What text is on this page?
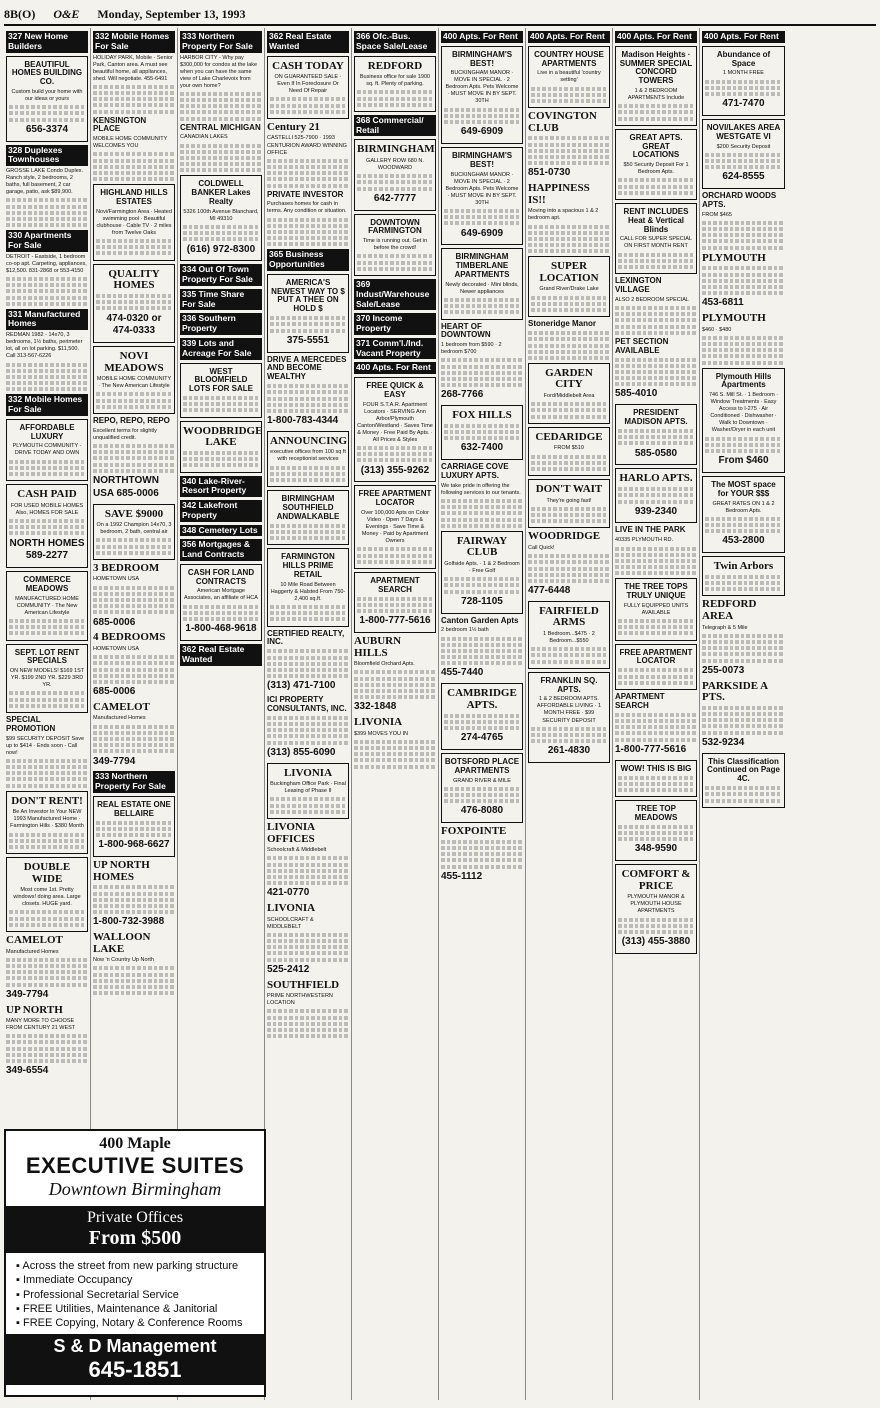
8B(O) O&E Monday, September 13, 1993
327 New Home Builders
BEAUTIFUL HOMES BUILDING CO.
Custom build your home with our ideas or yours
656-3374
328 Duplexes Townhouses
GROSSE LAKE Condo Duplex. Ranch style, 2 bedrooms, 2 baths, full basement, 2 car garage, patio, ask $89,900.
330 Apartments For Sale
DETROIT - Eastside, 1 bedroom co-op apt. Carpeting, appliances, $12,500. 831-2868 or 553-4150
331 Manufactured Homes
REDMAN 1982 - 14x70, 3 bedrooms, 1½ baths, perimeter lot, all on lot parking. $11,500. Call 313-567-6226
332 Mobile Homes For Sale
AFFORDABLE LUXURY
PLYMOUTH COMMUNITY - DRIVE TODAY AND OWN
CASH PAID
FOR USED MOBILE HOMES Also, HOMES FOR SALE
NORTH HOMES 589-2277
COMMERCE MEADOWS
MANUFACTURED HOME COMMUNITY · The New American Lifestyle
SEPT. LOT RENT SPECIALS
ON NEW MODELS! $169 1ST YR. $199 2ND YR. $229 3RD YR.
SPECIAL PROMOTION
$99 SECURITY DEPOSIT Save up to $414 · Ends soon - Call now!
DON'T RENT!
Be An Investor In Your NEW 1993 Manufactured Home · Farmington Hills · $380 Month
DOUBLE WIDE
Most come 1st. Pretty windows! doing area. Large closets. HUGE yard.
CAMELOT
Manufactured Homes
349-7794
UP NORTH
MANY MORE TO CHOOSE FROM CENTURY 21 WEST
349-6554
332 Mobile Homes For Sale
HOLIDAY PARK, Mobile - Senior Park, Canton area. A must see beautiful home, all appliances, shed. Will negotiate. 455-6491
KENSINGTON PLACE
MOBILE HOME COMMUNITY WELCOMES YOU
HIGHLAND HILLS ESTATES
Novi/Farmington Area · Heated swimming pool · Beautiful clubhouse · Cable TV · 2 miles from Twelve Oaks
QUALITY HOMES
474-0320 or 474-0333
NOVI MEADOWS
MOBILE HOME COMMUNITY · The New American Lifestyle
REPO, REPO, REPO
Excellent terms for slightly unqualified credit.
NORTHTOWN USA 685-0006
SAVE $9000
On a 1992 Champion 14x70, 3 bedroom, 2 bath, central air
3 BEDROOM
HOMETOWN USA
685-0006
4 BEDROOMS
HOMETOWN USA
685-0006
CAMELOT
Manufactured Homes
349-7794
333 Northern Property For Sale
REAL ESTATE ONE BELLAIRE
1-800-968-6627
UP NORTH HOMES
1-800-732-3988
WALLOON LAKE
Now 'n Country Up North
333 Northern Property For Sale
HARBOR CITY - Why pay $300,000 for condos at the lake when you can have the same view of Lake Charlevoix from your own home?
CENTRAL MICHIGAN
CANADIAN LAKES
COLDWELL BANKER Lakes Realty
5326 100th Avenue Blanchard, MI 49310
(616) 972-8300
334 Out Of Town Property For Sale
335 Time Share For Sale
336 Southern Property
339 Lots and Acreage For Sale
WEST BLOOMFIELD LOTS FOR SALE
WOODBRIDGE LAKE
340 Lake-River-Resort Property
342 Lakefront Property
348 Cemetery Lots
356 Mortgages & Land Contracts
CASH FOR LAND CONTRACTS
American Mortgage Associates, an affiliate of HCA
1-800-468-9618
362 Real Estate Wanted
362 Real Estate Wanted
CASH TODAY
ON GUARANTEED SALE · Even If In Foreclosure Or Need Of Repair
Century 21
CASTELLI 525-7900 · 1993 CENTURION AWARD WINNING OFFICE
PRIVATE INVESTOR
Purchases homes for cash in terms. Any condition or situation.
365 Business Opportunities
AMERICA'S NEWEST WAY TO $ PUT A THEE ON HOLD $
375-5551
DRIVE A MERCEDES AND BECOME WEALTHY
1-800-783-4344
ANNOUNCING
executive offices from 100 sq ft with receptionist services
BIRMINGHAM SOUTHFIELD ANDWALKABLE
FARMINGTON HILLS PRIME RETAIL
10 Mile Road Between Haggerty & Halsted From 750-2,400 sq.ft.
CERTIFIED REALTY, INC.
(313) 471-7100
ICI PROPERTY CONSULTANTS, INC.
(313) 855-6090
LIVONIA
Buckingham Office Park · Final Leasing of Phase II
LIVONIA OFFICES
Schoolcraft & Middlebelt
421-0770
LIVONIA
SCHOOLCRAFT & MIDDLEBELT
525-2412
SOUTHFIELD
PRIME NORTHWESTERN LOCATION
366 Ofc.-Bus. Space Sale/Lease
REDFORD
Business office for sale 1900 sq. ft. Plenty of parking.
368 Commercial/ Retail
BIRMINGHAM
GALLERY ROW 680 N. WOODWARD
642-7777
DOWNTOWN FARMINGTON
Time is running out. Get in before the crowd!
369 Indust/Warehouse Sale/Lease
370 Income Property
371 Comm'l./Ind. Vacant Property
400 Apts. For Rent
FREE QUICK & EASY
FOUR S.T.A.R. Apartment Locators · SERVING Ann Arbor/Plymouth Canton/Westland · Saves Time & Money · Free Paid By Apts. · All Prices & Styles
(313) 355-9262
FREE APARTMENT LOCATOR
Over 100,000 Apts on Color Video · Open 7 Days & Evenings · Save Time & Money · Paid by Apartment Owners
APARTMENT SEARCH
1-800-777-5616
AUBURN HILLS
Bloomfield Orchard Apts.
332-1848
LIVONIA
$399 MOVES YOU IN
400 Apts. For Rent
BIRMINGHAM'S BEST!
BUCKINGHAM MANOR · MOVE IN SPECIAL · 2 Bedroom Apts. Pets Welcome · MUST MOVE IN BY SEPT. 30TH
649-6909
BIRMINGHAM'S BEST!
BUCKINGHAM MANOR · MOVE IN SPECIAL · 2 Bedroom Apts. Pets Welcome · MUST MOVE IN BY SEPT. 30TH
649-6909
BIRMINGHAM TIMBERLANE APARTMENTS
Newly decorated · Mini blinds, Newer appliances
HEART OF DOWNTOWN
1 bedroom from $590 · 2 bedroom $700
268-7766
FOX HILLS
632-7400
CARRIAGE COVE LUXURY APTS.
We take pride in offering the following services to our tenants.
FAIRWAY CLUB
Golfside Apts. · 1 & 2 Bedroom · Free Golf
728-1105
Canton Garden Apts
2 bedroom 1½ bath
455-7440
CAMBRIDGE APTS.
274-4765
BOTSFORD PLACE APARTMENTS
GRAND RIVER & MILE
476-8080
FOXPOINTE
455-1112
400 Apts. For Rent
COUNTRY HOUSE APARTMENTS
Live in a beautiful 'country setting'
COVINGTON CLUB
851-0730
HAPPINESS IS!!
Moving into a spacious 1 & 2 bedroom apt.
SUPER LOCATION
Grand River/Drake Lake
Stoneridge Manor
GARDEN CITY
Ford/Middlebelt Area
CEDARIDGE
FROM $510
DON'T WAIT
They're going fast!
WOODRIDGE
Call Quick!
477-6448
FAIRFIELD ARMS
1 Bedroom...$475 · 2 Bedroom...$550
FRANKLIN SQ. APTS.
1 & 2 BEDROOM APTS. AFFORDABLE LIVING · 1 MONTH FREE · $99 SECURITY DEPOSIT
261-4830
400 Apts. For Rent
Madison Heights · SUMMER SPECIAL CONCORD TOWERS
1 & 2 BEDROOM APARTMENTS Include
GREAT APTS. GREAT LOCATIONS
$50 Security Deposit For 1 Bedroom Apts.
RENT INCLUDES Heat & Vertical Blinds
CALL FOR SUPER SPECIAL ON FIRST MONTH RENT
LEXINGTON VILLAGE
ALSO 2 BEDROOM SPECIAL
PET SECTION AVAILABLE
585-4010
PRESIDENT MADISON APTS.
585-0580
HARLO APTS.
939-2340
LIVE IN THE PARK
40335 PLYMOUTH RD.
THE TREE TOPS TRULY UNIQUE
FULLY EQUIPPED UNITS AVAILABLE
FREE APARTMENT LOCATOR
APARTMENT SEARCH
1-800-777-5616
WOW! THIS IS BIG
TREE TOP MEADOWS
348-9590
COMFORT & PRICE
PLYMOUTH MANOR & PLYMOUTH HOUSE APARTMENTS
(313) 455-3880
400 Apts. For Rent
Abundance of Space
1 MONTH FREE
471-7470
NOVI/LAKES AREA WESTGATE VI
$200 Security Deposit
624-8555
ORCHARD WOODS APTS.
FROM $465
PLYMOUTH
453-6811
PLYMOUTH
$460 · $480
Plymouth Hills Apartments
746 S. Mill St. · 1 Bedroom · Window Treatments · Easy Access to I-275 · Air Conditioned · Dishwasher · Walk to Downtown · Washer/Dryer in each unit
From $460
The MOST space for YOUR $$$
GREAT RATES ON 1 & 2 Bedroom Apts.
453-2800
Twin Arbors
REDFORD AREA
Telegraph & 5 Mile
255-0073
PARKSIDE A PTS.
532-9234
This Classification Continued on Page 4C.
400 Maple
EXECUTIVE SUITES
Downtown Birmingham
Private Offices
From $500
▪ Across the street from new parking structure
▪ Immediate Occupancy
▪ Professional Secretarial Service
▪ FREE Utilities, Maintenance & Janitorial
▪ FREE Copying, Notary & Conference Rooms
S & D Management
645-1851
